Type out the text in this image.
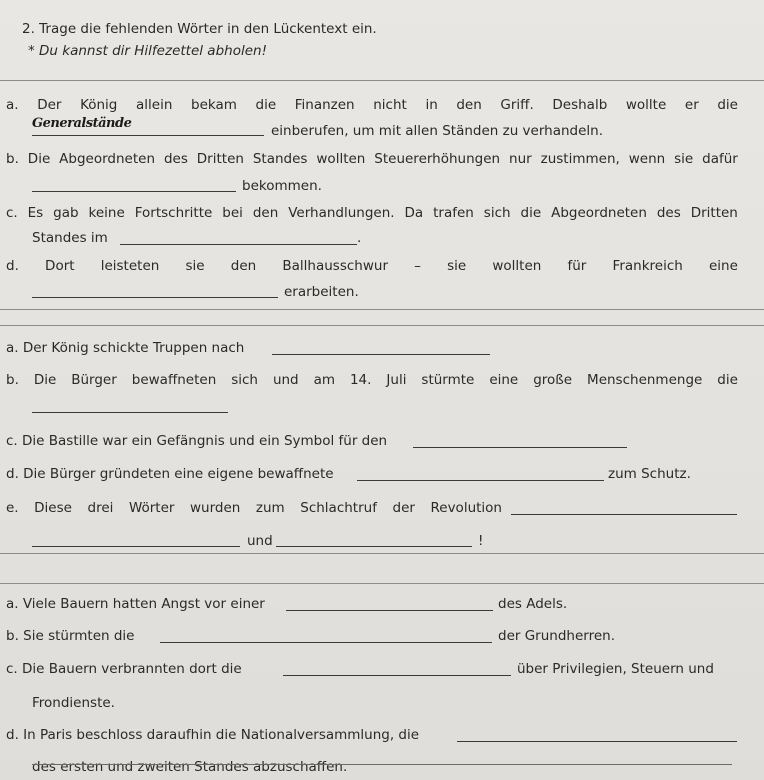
2. Trage die fehlenden Wörter in den Lückentext ein.
* Du kannst dir Hilfezettel abholen!
a. Der König allein bekam die Finanzen nicht in den Griff. Deshalb wollte er die
Generalstände	einberufen, um mit allen Ständen zu verhandeln.
b. Die Abgeordneten des Dritten Standes wollten Steuererhöhungen nur zustimmen, wenn sie dafür
bekommen.
c. Es gab keine Fortschritte bei den Verhandlungen. Da trafen sich die Abgeordneten des Dritten
Standes im	.
d. Dort leisteten sie den Ballhausschwur – sie wollten für Frankreich eine
erarbeiten.
a. Der König schickte Truppen nach
b. Die Bürger bewaffneten sich und am 14. Juli stürmte eine große Menschenmenge die
c. Die Bastille war ein Gefängnis und ein Symbol für den
d. Die Bürger gründeten eine eigene bewaffnete	zum Schutz.
e. Diese drei Wörter wurden zum Schlachtruf der Revolution
und	!
a. Viele Bauern hatten Angst vor einer	des Adels.
b. Sie stürmten die	der Grundherren.
c. Die Bauern verbrannten dort die	über Privilegien, Steuern und
Frondienste.
d. In Paris beschloss daraufhin die Nationalversammlung, die
des ersten und zweiten Standes abzuschaffen.
